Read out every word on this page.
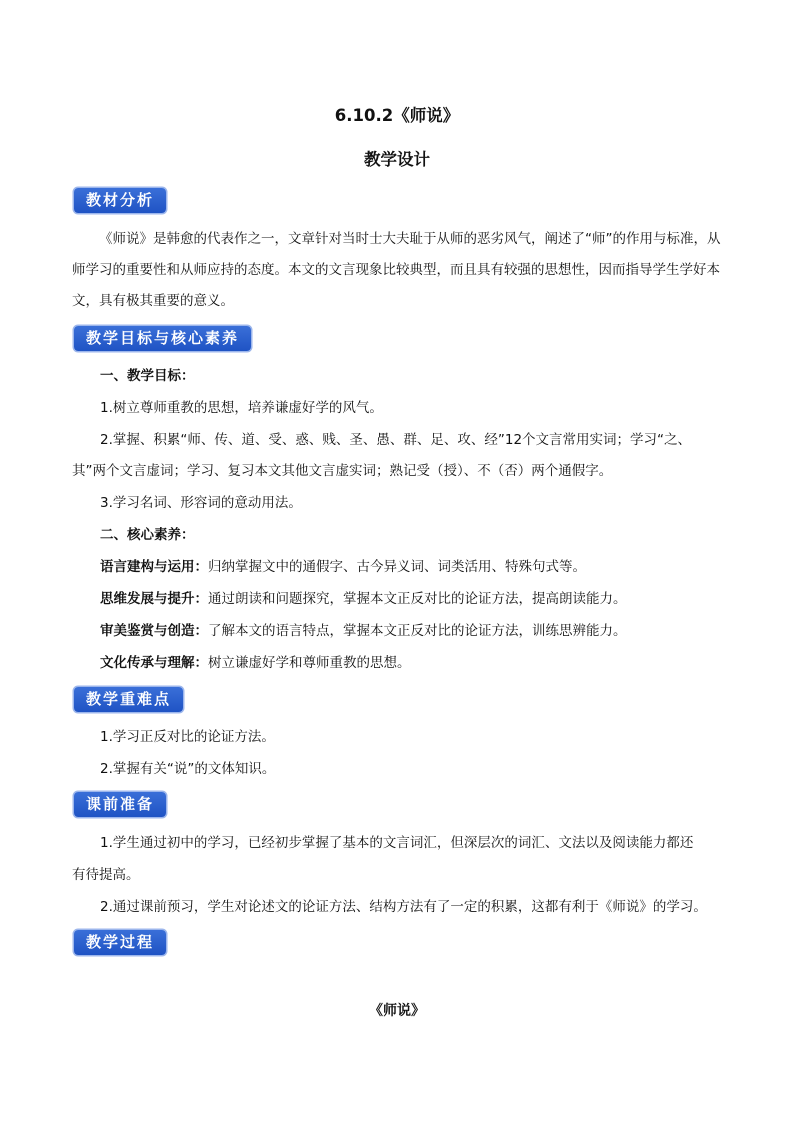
6.10.2《师说》
教学设计
教材分析
《师说》是韩愈的代表作之一，文章针对当时士大夫耻于从师的恶劣风气，阐述了“师”的作用与标准，从师学习的重要性和从师应持的态度。本文的文言现象比较典型，而且具有较强的思想性，因而指导学生学好本文，具有极其重要的意义。
教学目标与核心素养
一、教学目标：
1.树立尊师重教的思想，培养谦虚好学的风气。
2.掌握、积累“师、传、道、受、惑、贱、圣、愚、群、足、攻、经”12个文言常用实词；学习“之、
其”两个文言虚词；学习、复习本文其他文言虚实词；熟记受（授）、不（否）两个通假字。
3.学习名词、形容词的意动用法。
二、核心素养：
语言建构与运用：归纳掌握文中的通假字、古今异义词、词类活用、特殊句式等。
思维发展与提升：通过朗读和问题探究，掌握本文正反对比的论证方法，提高朗读能力。
审美鉴赏与创造：了解本文的语言特点，掌握本文正反对比的论证方法，训练思辨能力。
文化传承与理解：树立谦虚好学和尊师重教的思想。
教学重难点
1.学习正反对比的论证方法。
2.掌握有关“说”的文体知识。
课前准备
1.学生通过初中的学习，已经初步掌握了基本的文言词汇，但深层次的词汇、文法以及阅读能力都还
有待提高。
2.通过课前预习，学生对论述文的论证方法、结构方法有了一定的积累，这都有利于《师说》的学习。
教学过程
《师说》
